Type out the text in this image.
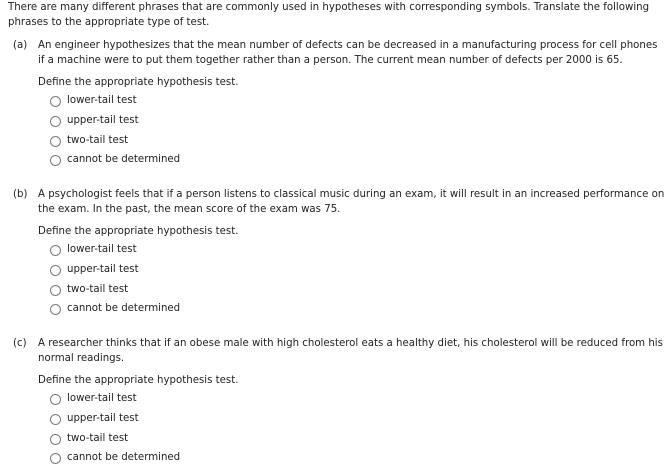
There are many different phrases that are commonly used in hypotheses with corresponding symbols. Translate the following phrases to the appropriate type of test.
(a) An engineer hypothesizes that the mean number of defects can be decreased in a manufacturing process for cell phones if a machine were to put them together rather than a person. The current mean number of defects per 2000 is 65.
Define the appropriate hypothesis test.
lower-tail test
upper-tail test
two-tail test
cannot be determined
(b) A psychologist feels that if a person listens to classical music during an exam, it will result in an increased performance on the exam. In the past, the mean score of the exam was 75.
Define the appropriate hypothesis test.
lower-tail test
upper-tail test
two-tail test
cannot be determined
(c) A researcher thinks that if an obese male with high cholesterol eats a healthy diet, his cholesterol will be reduced from his normal readings.
Define the appropriate hypothesis test.
lower-tail test
upper-tail test
two-tail test
cannot be determined
